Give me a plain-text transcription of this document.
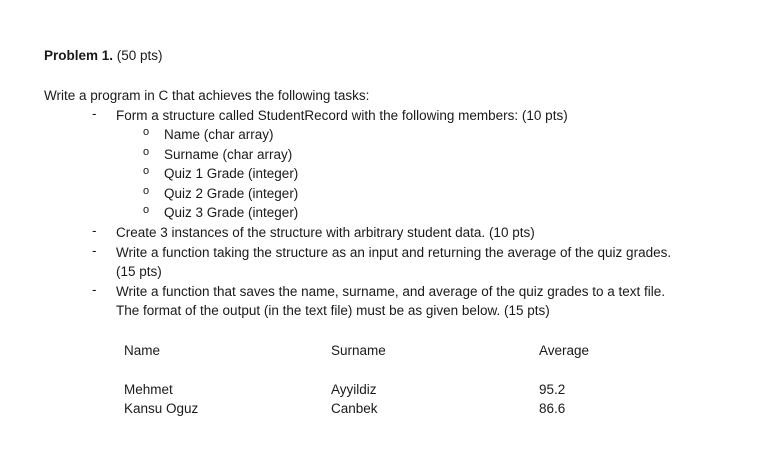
Problem 1. (50 pts)
Write a program in C that achieves the following tasks:
-	Form a structure called StudentRecord with the following members: (10 pts)
o Name (char array)
o Surname (char array)
o Quiz 1 Grade (integer)
o Quiz 2 Grade (integer)
o Quiz 3 Grade (integer)
-	Create 3 instances of the structure with arbitrary student data. (10 pts)
-	Write a function taking the structure as an input and returning the average of the quiz grades.
(15 pts)
-	Write a function that saves the name, surname, and average of the quiz grades to a text file.
The format of the output (in the text file) must be as given below. (15 pts)
Name	Surname	Average
Mehmet	Ayyildiz	95.2
Kansu Oguz	Canbek	86.6
